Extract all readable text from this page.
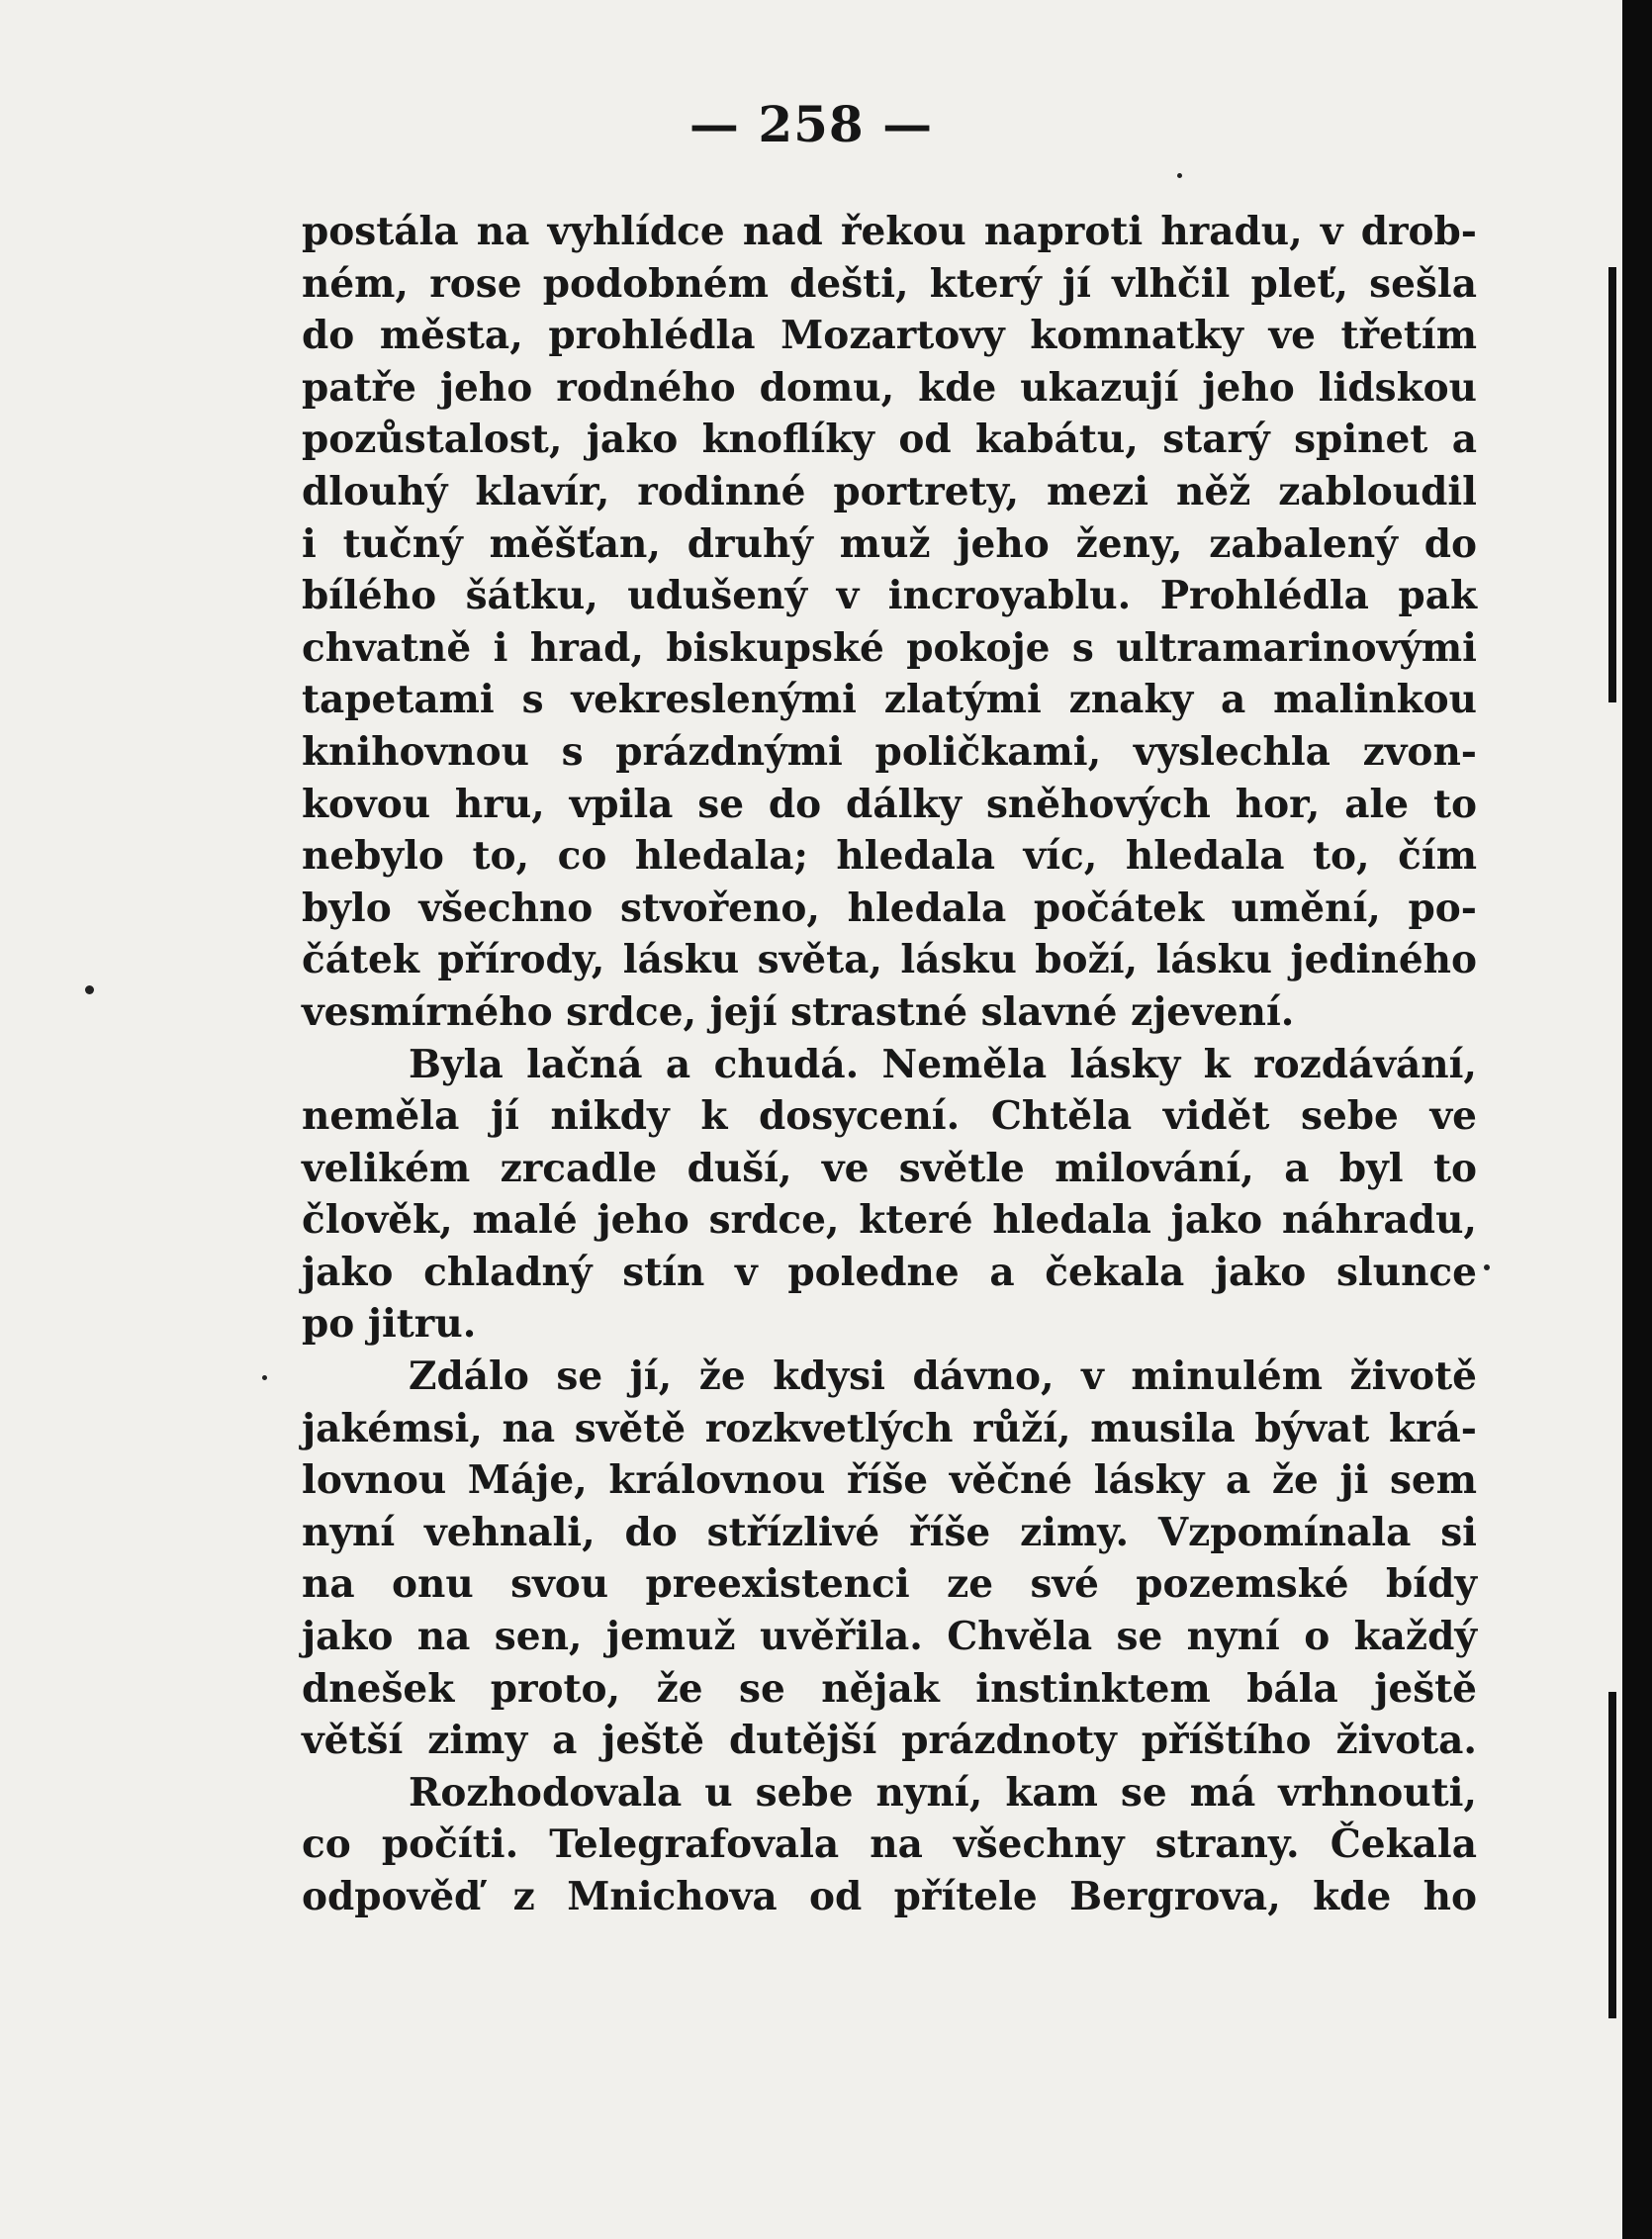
— 258 —
postála na vyhlídce nad řekou naproti hradu, v drob-
ném, rose podobném dešti, který jí vlhčil pleť, sešla
do města, prohlédla Mozartovy komnatky ve třetím
patře jeho rodného domu, kde ukazují jeho lidskou
pozůstalost, jako knoflíky od kabátu, starý spinet a
dlouhý klavír, rodinné portrety, mezi něž zabloudil
i tučný měšťan, druhý muž jeho ženy, zabalený do
bílého šátku, udušený v incroyablu. Prohlédla pak
chvatně i hrad, biskupské pokoje s ultramarinovými
tapetami s vekreslenými zlatými znaky a malinkou
knihovnou s prázdnými poličkami, vyslechla zvon-
kovou hru, vpila se do dálky sněhových hor, ale to
nebylo to, co hledala; hledala víc, hledala to, čím
bylo všechno stvořeno, hledala počátek umění, po-
čátek přírody, lásku světa, lásku boží, lásku jediného
vesmírného srdce, její strastné slavné zjevení.
Byla lačná a chudá. Neměla lásky k rozdávání,
neměla jí nikdy k dosycení. Chtěla vidět sebe ve
velikém zrcadle duší, ve světle milování, a byl to
člověk, malé jeho srdce, které hledala jako náhradu,
jako chladný stín v poledne a čekala jako slunce
po jitru.
Zdálo se jí, že kdysi dávno, v minulém životě
jakémsi, na světě rozkvetlých růží, musila bývat krá-
lovnou Máje, královnou říše věčné lásky a že ji sem
nyní vehnali, do střízlivé říše zimy. Vzpomínala si
na onu svou preexistenci ze své pozemské bídy
jako na sen, jemuž uvěřila. Chvěla se nyní o každý
dnešek proto, že se nějak instinktem bála ještě
větší zimy a ještě dutější prázdnoty příštího života.
Rozhodovala u sebe nyní, kam se má vrhnouti,
co počíti. Telegrafovala na všechny strany. Čekala
odpověď z Mnichova od přítele Bergrova, kde ho
